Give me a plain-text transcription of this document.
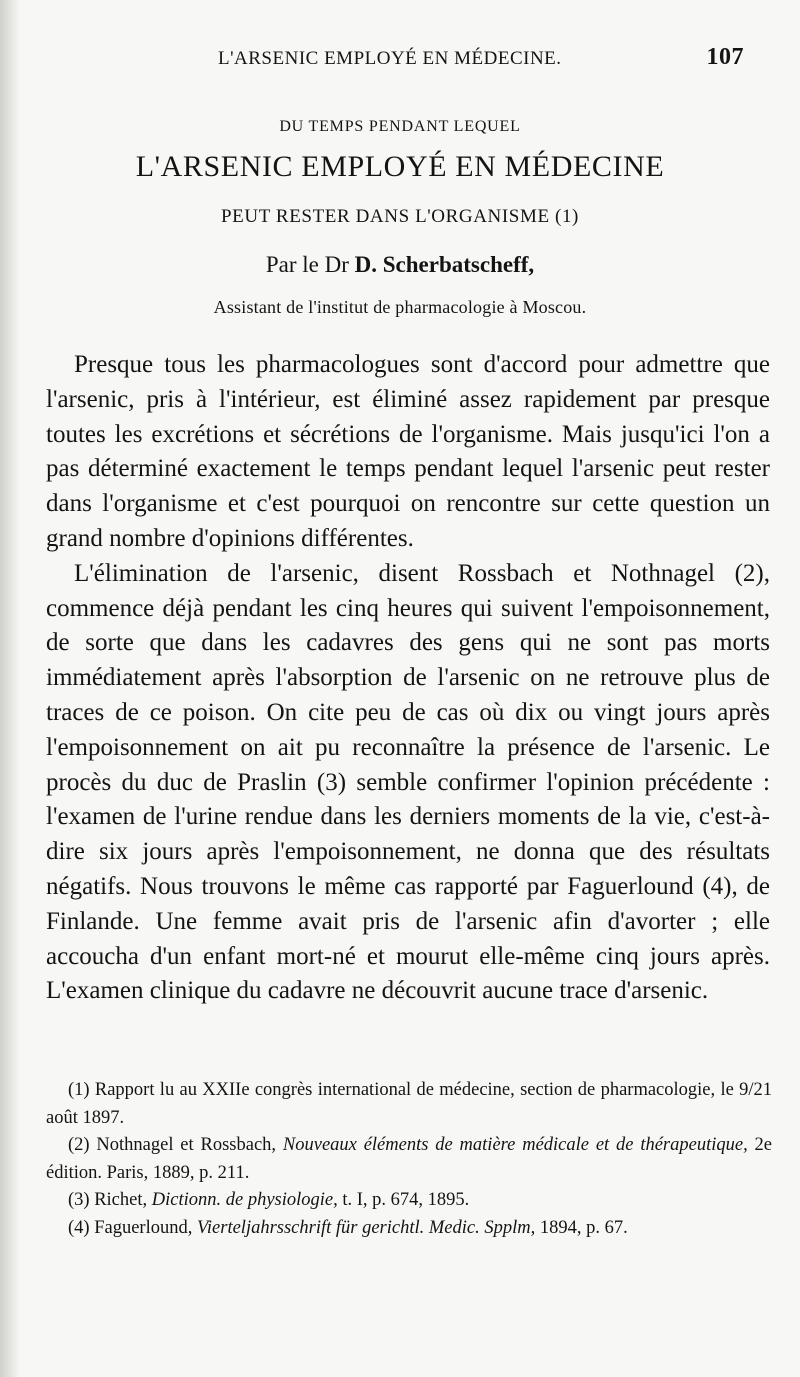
L'ARSENIC EMPLOYÉ EN MÉDECINE.	107
DU TEMPS PENDANT LEQUEL
L'ARSENIC EMPLOYÉ EN MÉDECINE
PEUT RESTER DANS L'ORGANISME (1)
Par le Dr D. Scherbatscheff,
Assistant de l'institut de pharmacologie à Moscou.

Presque tous les pharmacologues sont d'accord pour admettre que l'arsenic, pris à l'intérieur, est éliminé assez rapidement par presque toutes les excrétions et sécrétions de l'organisme. Mais jusqu'ici l'on a pas déterminé exactement le temps pendant lequel l'arsenic peut rester dans l'organisme et c'est pourquoi on rencontre sur cette question un grand nombre d'opinions différentes.

L'élimination de l'arsenic, disent Rossbach et Nothnagel (2), commence déjà pendant les cinq heures qui suivent l'empoisonnement, de sorte que dans les cadavres des gens qui ne sont pas morts immédiatement après l'absorption de l'arsenic on ne retrouve plus de traces de ce poison. On cite peu de cas où dix ou vingt jours après l'empoisonnement on ait pu reconnaître la présence de l'arsenic. Le procès du duc de Praslin (3) semble confirmer l'opinion précédente : l'examen de l'urine rendue dans les derniers moments de la vie, c'est-à-dire six jours après l'empoisonnement, ne donna que des résultats négatifs. Nous trouvons le même cas rapporté par Faguerlound (4), de Finlande. Une femme avait pris de l'arsenic afin d'avorter ; elle accoucha d'un enfant mort-né et mourut elle-même cinq jours après. L'examen clinique du cadavre ne découvrit aucune trace d'arsenic.

(1) Rapport lu au XXIIe congrès international de médecine, section de pharmacologie, le 9/21 août 1897.

(2) Nothnagel et Rossbach, Nouveaux éléments de matière médicale et de thérapeutique, 2e édition. Paris, 1889, p. 211.

(3) Richet, Dictionn. de physiologie, t. I, p. 674, 1895.

(4) Faguerlound, Vierteljahrsschrift für gerichtl. Medic. Spplm, 1894, p. 67.
